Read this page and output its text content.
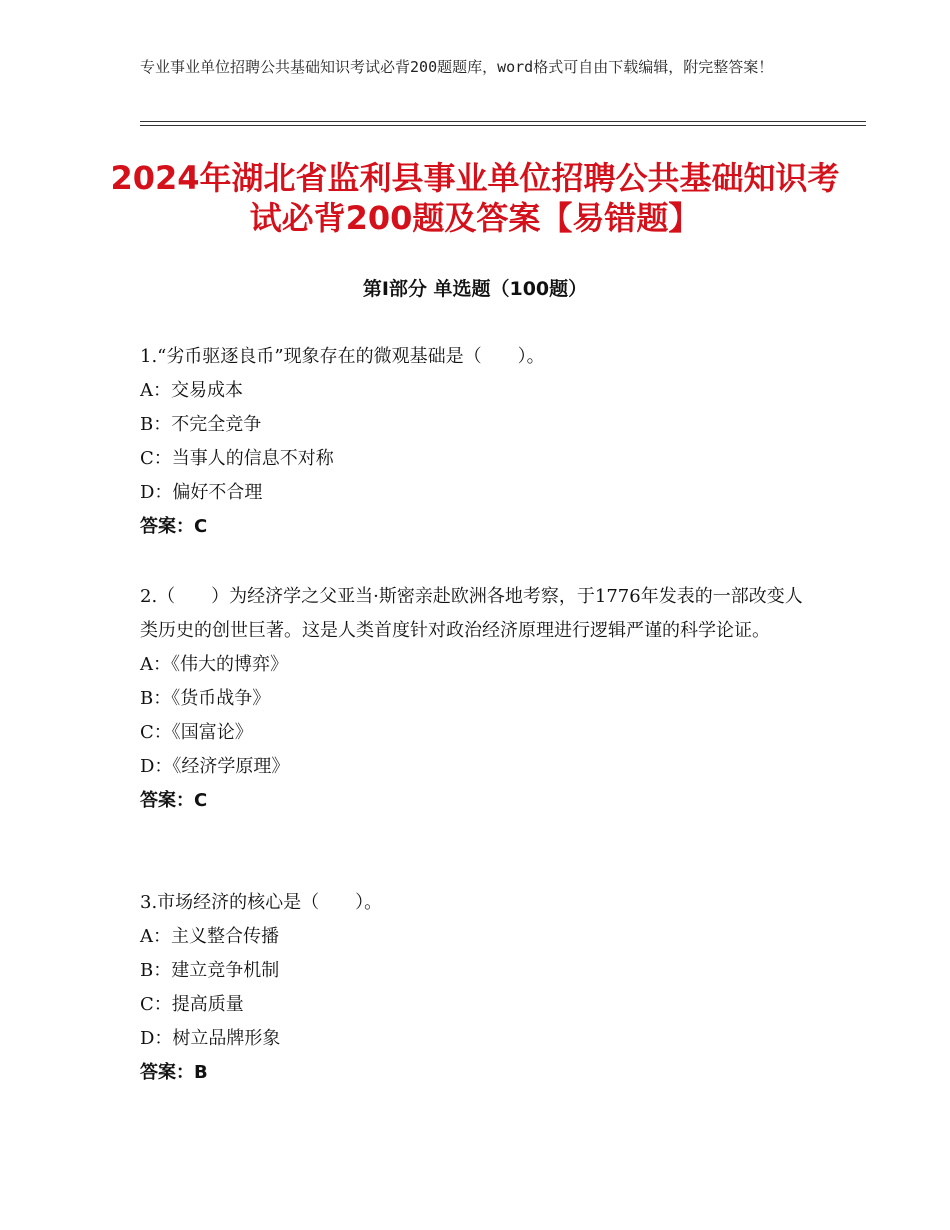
专业事业单位招聘公共基础知识考试必背200题题库，word格式可自由下载编辑，附完整答案！
2024年湖北省监利县事业单位招聘公共基础知识考试必背200题及答案【易错题】
第Ⅰ部分 单选题（100题）

1.“劣币驱逐良币”现象存在的微观基础是（　　）。

A：交易成本

B：不完全竞争

C：当事人的信息不对称

D：偏好不合理

答案：C

2.（　　）为经济学之父亚当·斯密亲赴欧洲各地考察，于1776年发表的一部改变人类历史的创世巨著。这是人类首度针对政治经济原理进行逻辑严谨的科学论证。

A：《伟大的博弈》

B：《货币战争》

C：《国富论》

D：《经济学原理》

答案：C

3.市场经济的核心是（　　）。

A：主义整合传播

B：建立竞争机制

C：提高质量

D：树立品牌形象

答案：B
